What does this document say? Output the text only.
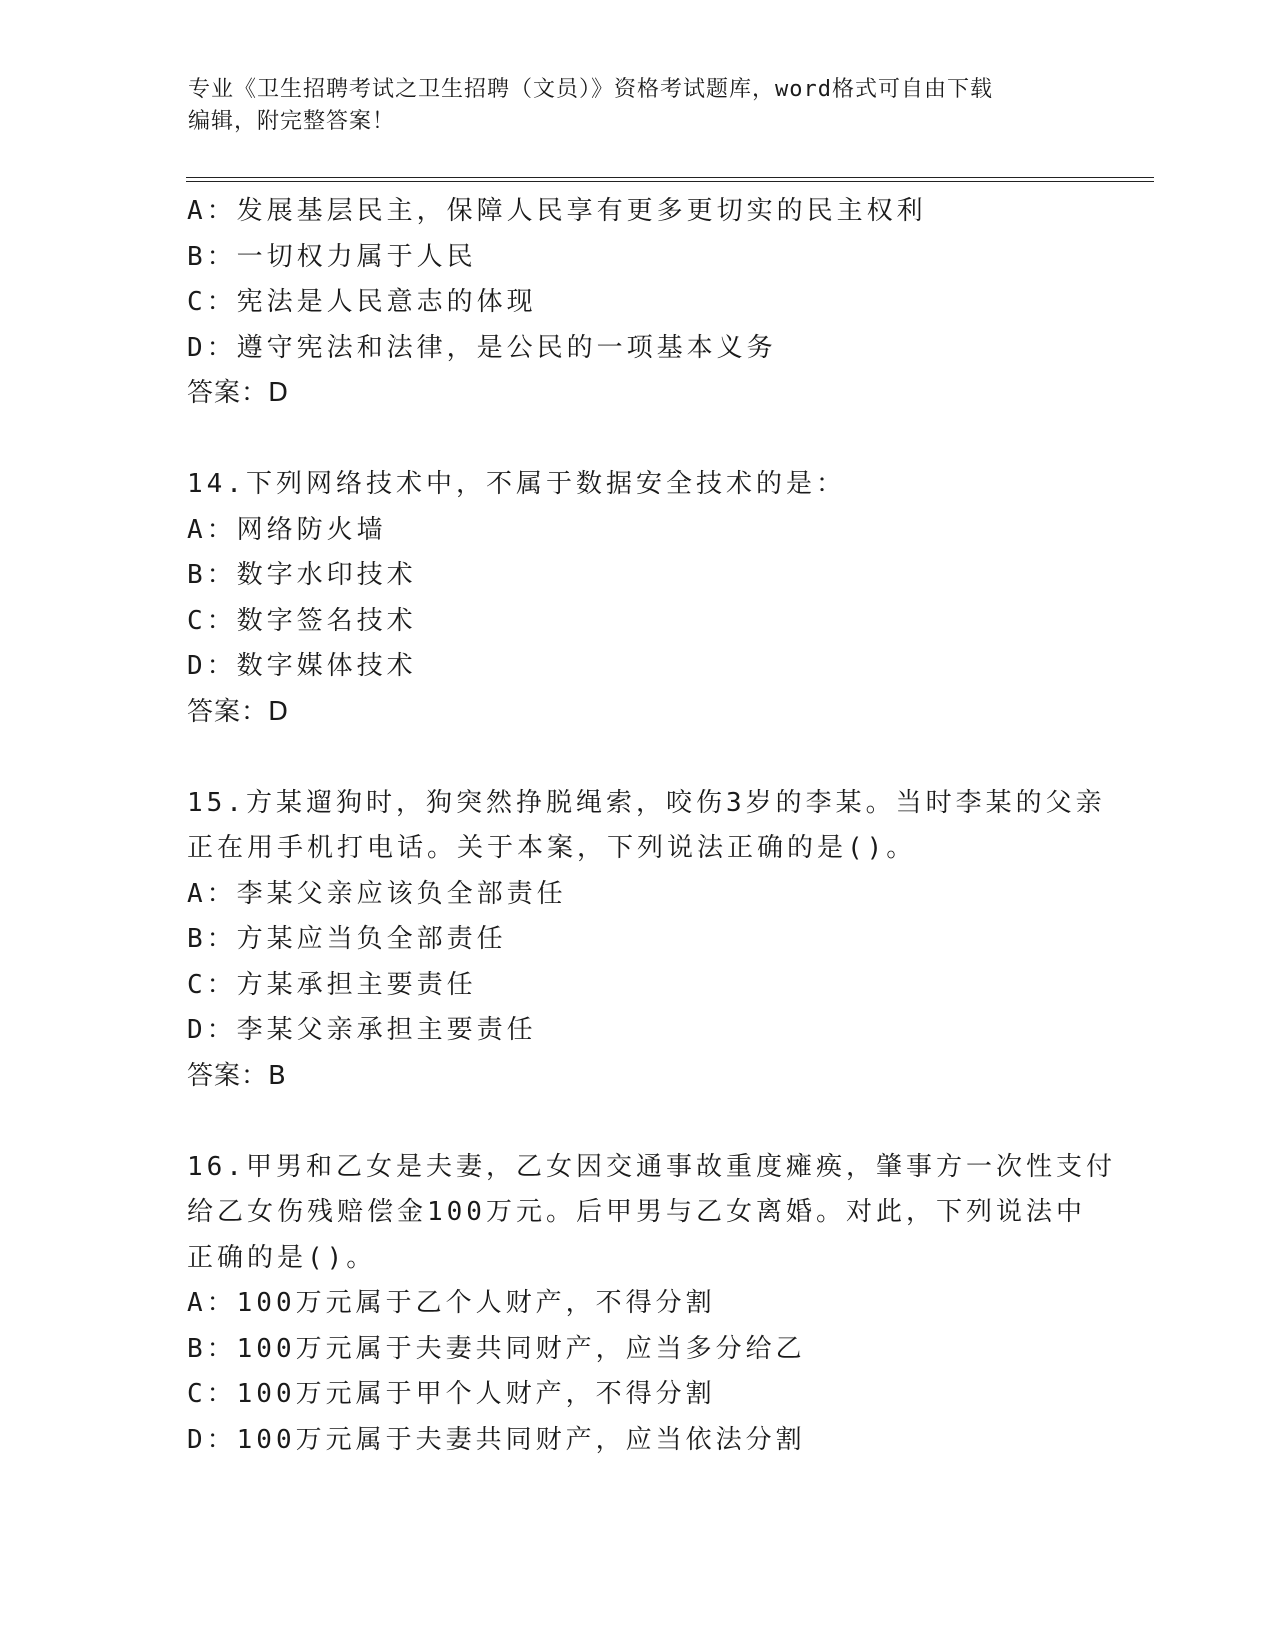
专业《卫生招聘考试之卫生招聘（文员）》资格考试题库，word格式可自由下载
编辑，附完整答案！
A：发展基层民主，保障人民享有更多更切实的民主权利
B：一切权力属于人民
C：宪法是人民意志的体现
D：遵守宪法和法律，是公民的一项基本义务
答案：D
14.下列网络技术中，不属于数据安全技术的是：
A：网络防火墙
B：数字水印技术
C：数字签名技术
D：数字媒体技术
答案：D
15.方某遛狗时，狗突然挣脱绳索，咬伤3岁的李某。当时李某的父亲
正在用手机打电话。关于本案，下列说法正确的是()。
A：李某父亲应该负全部责任
B：方某应当负全部责任
C：方某承担主要责任
D：李某父亲承担主要责任
答案：B
16.甲男和乙女是夫妻，乙女因交通事故重度瘫痪，肇事方一次性支付
给乙女伤残赔偿金100万元。后甲男与乙女离婚。对此，下列说法中
正确的是()。
A：100万元属于乙个人财产，不得分割
B：100万元属于夫妻共同财产，应当多分给乙
C：100万元属于甲个人财产，不得分割
D：100万元属于夫妻共同财产，应当依法分割
